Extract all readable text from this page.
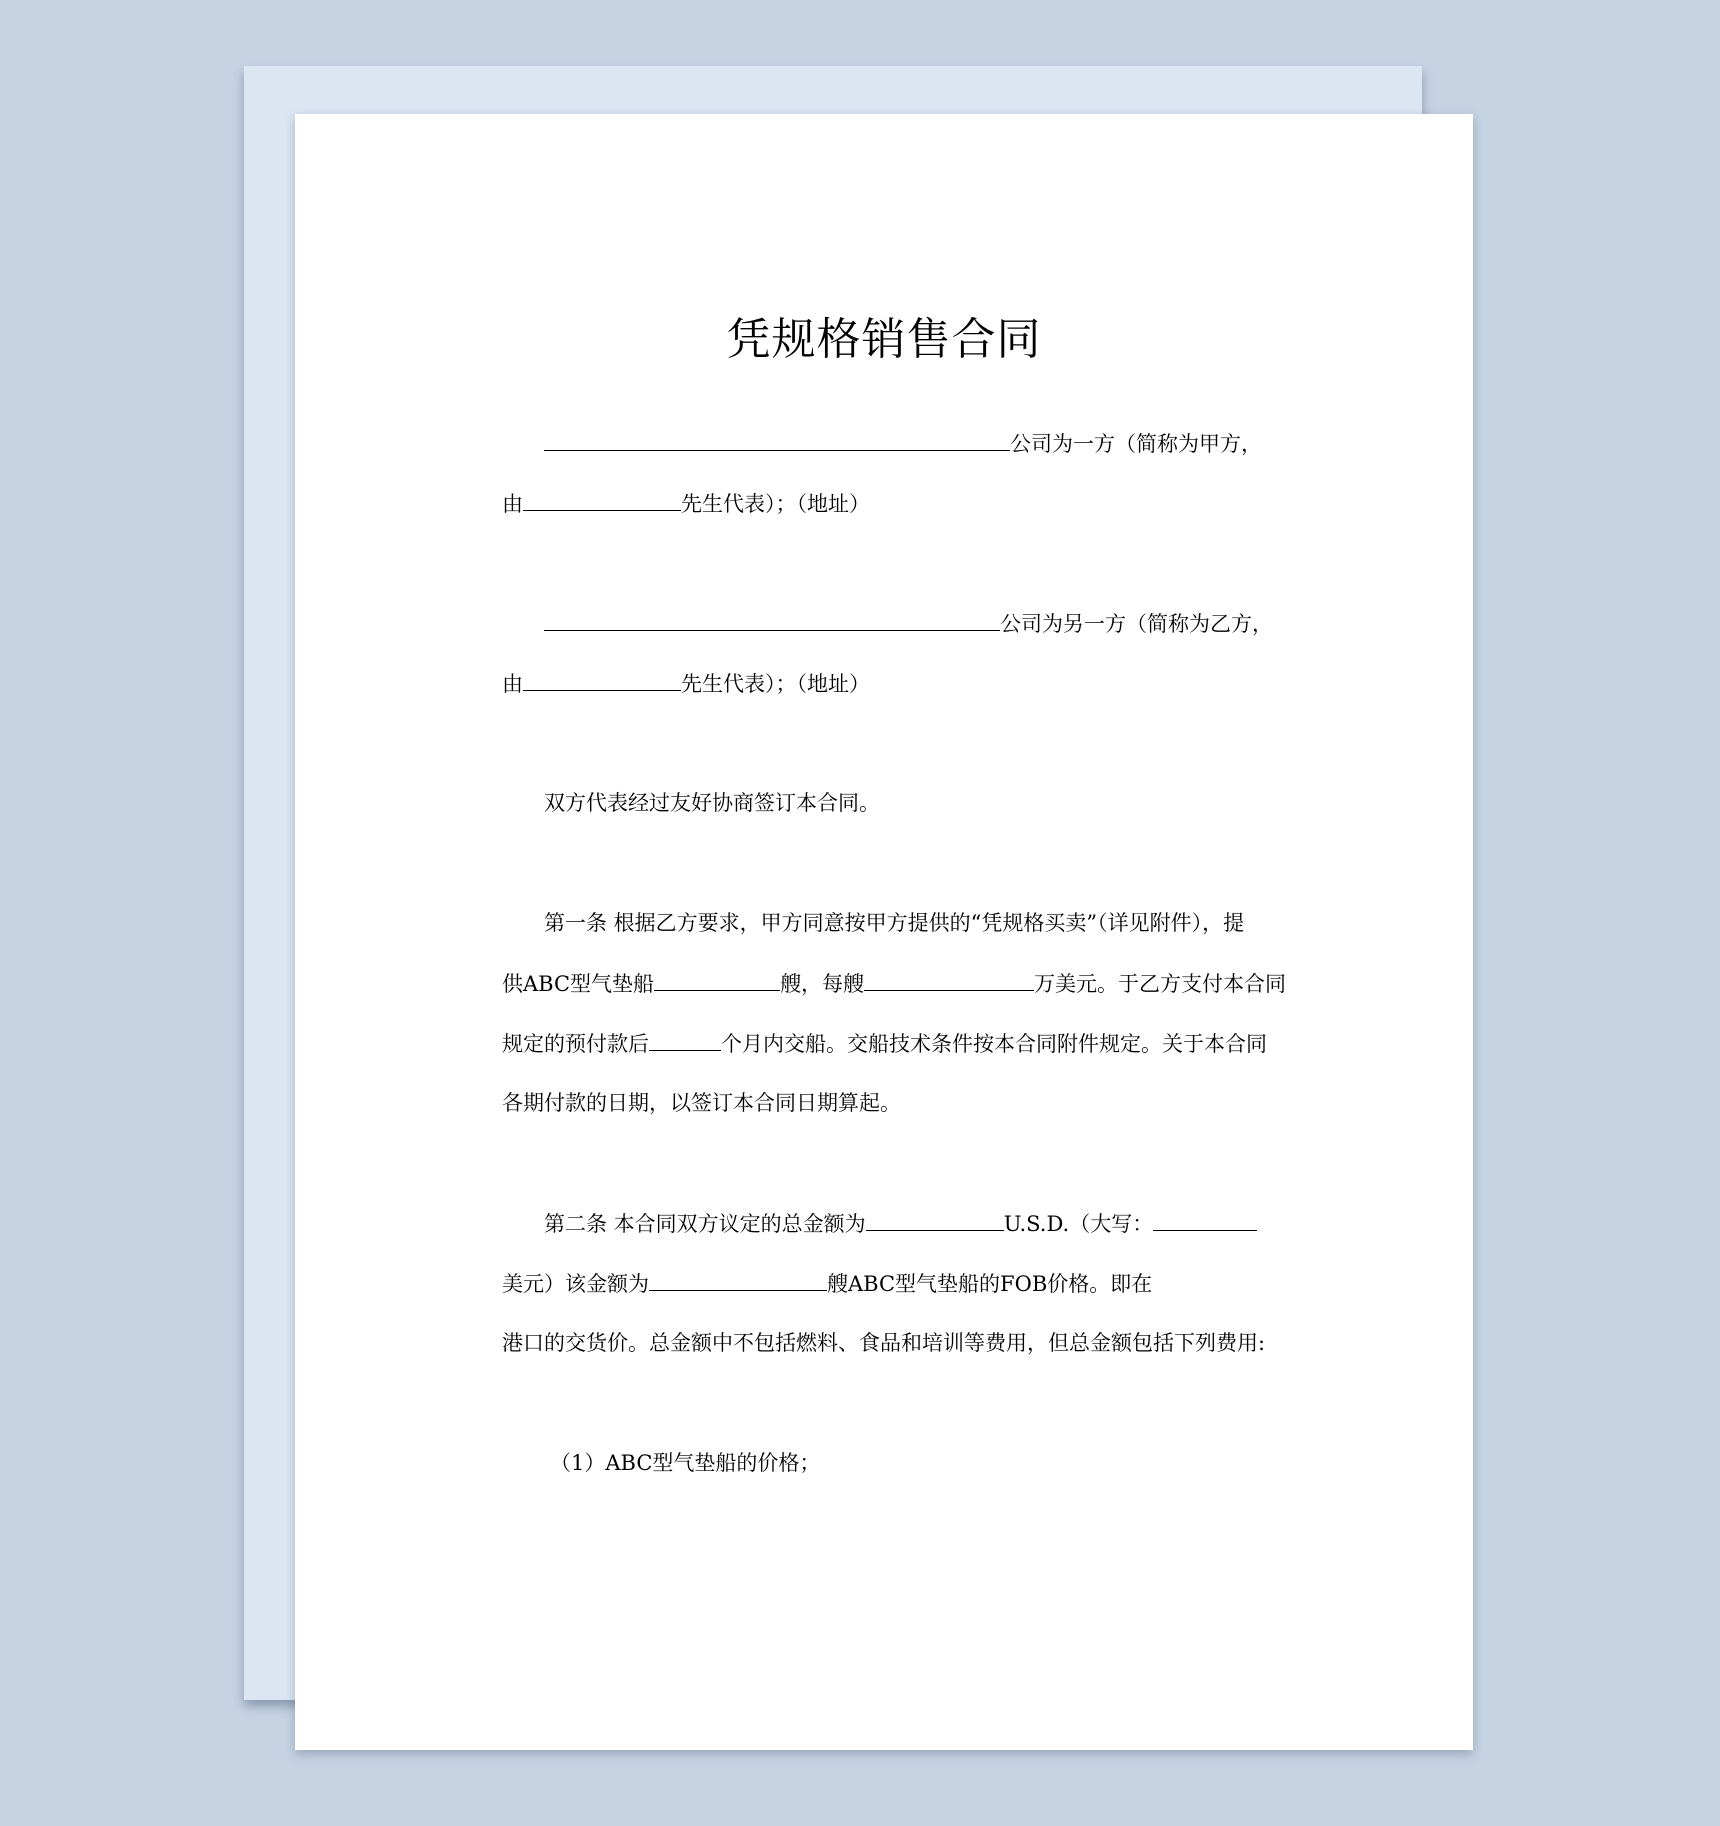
凭规格销售合同
公司为一方（简称为甲方，
由	先生代表）；（地址）
公司为另一方（简称为乙方，
由	先生代表）；（地址）
双方代表经过友好协商签订本合同。
第一条 根据乙方要求，甲方同意按甲方提供的“凭规格买卖”（详见附件），提
供ABC型气垫船	艘，每艘	万美元。于乙方支付本合同
规定的预付款后	个月内交船。交船技术条件按本合同附件规定。关于本合同
各期付款的日期，以签订本合同日期算起。
第二条 本合同双方议定的总金额为	U.S.D.（大写：
美元）该金额为	艘ABC型气垫船的FOB价格。即在
港口的交货价。总金额中不包括燃料、食品和培训等费用，但总金额包括下列费用:
（1）ABC型气垫船的价格；
